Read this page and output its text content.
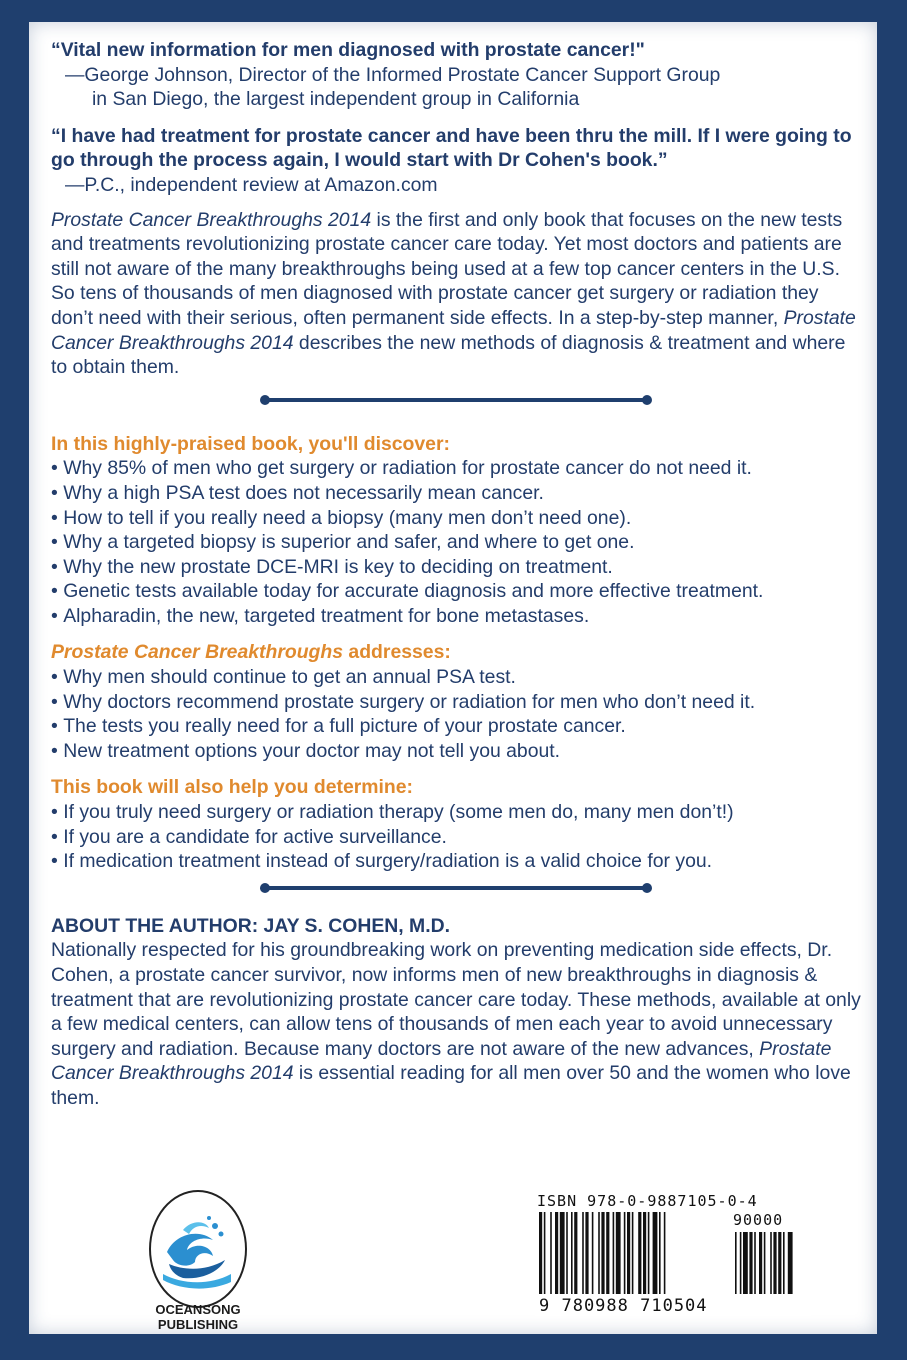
“Vital new information for men diagnosed with prostate cancer!"

—George Johnson, Director of the Informed Prostate Cancer Support Group

in San Diego, the largest independent group in California

“I have had treatment for prostate cancer and have been thru the mill. If I were going to go through the process again, I would start with Dr Cohen's book.”

—P.C., independent review at Amazon.com

Prostate Cancer Breakthroughs 2014 is the first and only book that focuses on the new tests and treatments revolutionizing prostate cancer care today. Yet most doctors and patients are still not aware of the many breakthroughs being used at a few top cancer centers in the U.S. So tens of thousands of men diagnosed with prostate cancer get surgery or radiation they don’t need with their serious, often permanent side effects. In a step-by-step manner, Prostate Cancer Breakthroughs 2014 describes the new methods of diagnosis & treatment and where to obtain them.

In this highly-praised book, you'll discover:

• Why 85% of men who get surgery or radiation for prostate cancer do not need it.
• Why a high PSA test does not necessarily mean cancer.
• How to tell if you really need a biopsy (many men don’t need one).
• Why a targeted biopsy is superior and safer, and where to get one.
• Why the new prostate DCE-MRI is key to deciding on treatment.
• Genetic tests available today for accurate diagnosis and more effective treatment.
• Alpharadin, the new, targeted treatment for bone metastases.

Prostate Cancer Breakthroughs addresses:

• Why men should continue to get an annual PSA test.
• Why doctors recommend prostate surgery or radiation for men who don’t need it.
• The tests you really need for a full picture of your prostate cancer.
• New treatment options your doctor may not tell you about.

This book will also help you determine:

• If you truly need surgery or radiation therapy (some men do, many men don’t!)
• If you are a candidate for active surveillance.
• If medication treatment instead of surgery/radiation is a valid choice for you.

ABOUT THE AUTHOR: JAY S. COHEN, M.D.

Nationally respected for his groundbreaking work on preventing medication side effects, Dr. Cohen, a prostate cancer survivor, now informs men of new breakthroughs in diagnosis & treatment that are revolutionizing prostate cancer care today. These methods, available at only a few medical centers, can allow tens of thousands of men each year to avoid unnecessary surgery and radiation. Because many doctors are not aware of the new advances, Prostate Cancer Breakthroughs 2014 is essential reading for all men over 50 and the women who love them.

OCEANSONG
PUBLISHING
ISBN 978-0-9887105-0-4
90000
9 780988 710504
